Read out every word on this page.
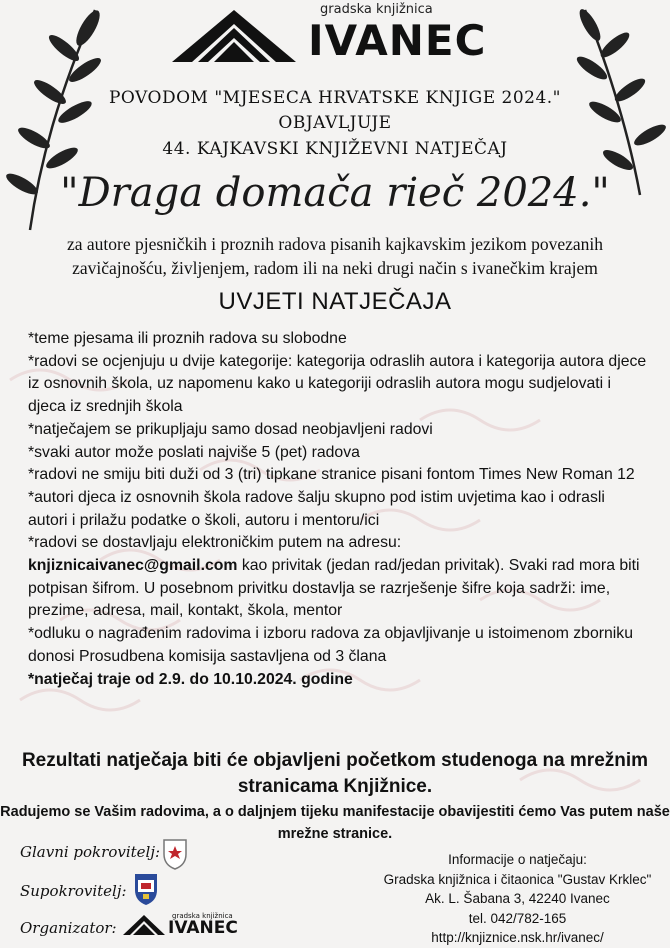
gradska knjižnica
IVANEC
POVODOM "MJESECA HRVATSKE KNJIGE 2024."
OBJAVLJUJE
44. KAJKAVSKI KNJIŽEVNI NATJEČAJ
"Draga domača rieč 2024."
za autore pjesničkih i proznih radova pisanih kajkavskim jezikom povezanih zavičajnošću, življenjem, radom ili na neki drugi način s ivanečkim krajem
UVJETI NATJEČAJA

*teme pjesama ili proznih radova su slobodne

*radovi se ocjenjuju u dvije kategorije: kategorija odraslih autora i kategorija autora djece iz osnovnih škola, uz napomenu kako u kategoriji odraslih autora mogu sudjelovati i djeca iz srednjih škola

*natječajem se prikupljaju samo dosad neobjavljeni radovi

*svaki autor može poslati najviše 5 (pet) radova

*radovi ne smiju biti duži od 3 (tri) tipkane stranice pisani fontom Times New Roman 12

*autori djeca iz osnovnih škola radove šalju skupno pod istim uvjetima kao i odrasli autori i prilažu podatke o školi, autoru i mentoru/ici

*radovi se dostavljaju elektroničkim putem na adresu:

knjiznicaivanec@gmail.com kao privitak (jedan rad/jedan privitak). Svaki rad mora biti potpisan šifrom. U posebnom privitku dostavlja se razrješenje šifre koja sadrži: ime, prezime, adresa, mail, kontakt, škola, mentor

*odluku o nagrađenim radovima i izboru radova za objavljivanje u istoimenom zborniku donosi Prosudbena komisija sastavljena od 3 člana

*natječaj traje od 2.9. do 10.10.2024. godine

Rezultati natječaja biti će objavljeni početkom studenoga na mrežnim stranicama Knjižnice.
Radujemo se Vašim radovima, a o daljnjem tijeku manifestacije obavijestiti ćemo Vas putem naše mrežne stranice.
Glavni pokrovitelj:
Supokrovitelj:
Organizator:
gradska knjižnica
IVANEC
Informacije o natječaju:
Gradska knjižnica i čitaonica "Gustav Krklec"
Ak. L. Šabana 3, 42240 Ivanec
tel. 042/782-165
http://knjiznice.nsk.hr/ivanec/
